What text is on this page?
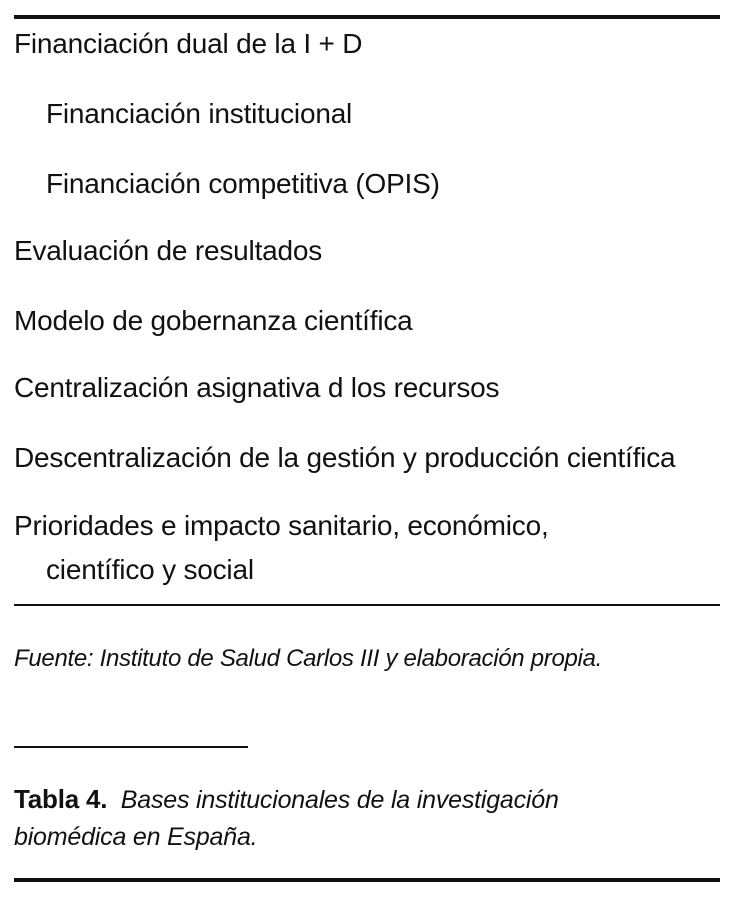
Financiación dual de la I + D
Financiación institucional
Financiación competitiva (OPIS)
Evaluación de resultados
Modelo de gobernanza científica
Centralización asignativa d los recursos
Descentralización de la gestión y producción científica
Prioridades e impacto sanitario, económico,
científico y social
Fuente: Instituto de Salud Carlos III y elaboración propia.
Tabla 4. Bases institucionales de la investigación biomédica en España.
